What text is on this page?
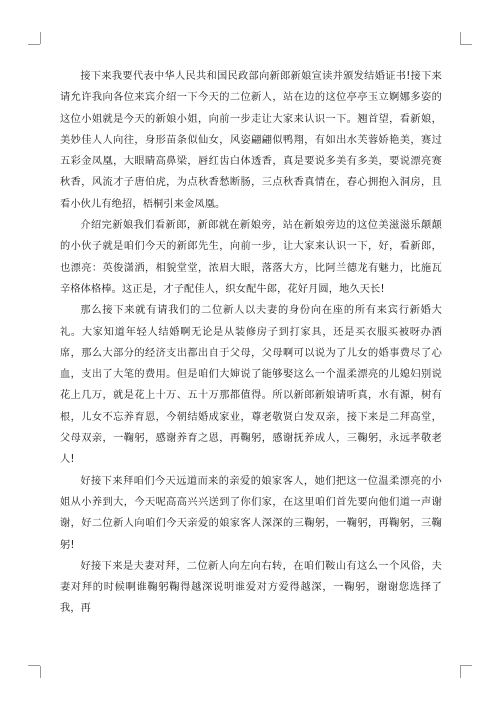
接下来我要代表中华人民共和国民政部向新郎新娘宣读并颁发结婚证书!接下来请允许我向各位来宾介绍一下今天的二位新人，站在边的这位亭亭玉立婀娜多姿的这位小姐就是今天的新娘小姐，向前一步走让大家来认识一下。翘首望，看新娘，美妙佳人人向往，身形苗条似仙女，风姿翩翩似鸭翔，有如出水芙蓉娇艳美，赛过五彩金凤凰，大眼睛高鼻梁，唇红齿白体透香，真是要说多美有多美，要说漂亮赛秋香，风流才子唐伯虎，为点秋香愁断肠，三点秋香真情在，春心拥抱入洞房，且看小伙儿有绝招，梧桐引来金凤凰。

介绍完新娘我们看新郎，新郎就在新娘旁，站在新娘旁边的这位美滋滋乐颠颠的小伙子就是咱们今天的新郎先生，向前一步，让大家来认识一下，好，看新郎，也漂亮：英俊潇洒，相貌堂堂，浓眉大眼，落落大方，比阿兰德龙有魅力，比施瓦辛格体格棒。这正是，才子配佳人，织女配牛郎，花好月圆，地久天长!

那么接下来就有请我们的二位新人以夫妻的身份向在座的所有来宾行新婚大礼。大家知道年轻人结婚啊无论是从装修房子到打家具，还是买衣服买被呀办酒席，那么大部分的经济支出都出自于父母，父母啊可以说为了儿女的婚事费尽了心血，支出了大笔的费用。但是咱们大婶说了能够娶这么一个温柔漂亮的儿媳妇别说花上几万，就是花上十万、五十万那都值得。所以新郎新娘请听真，水有源，树有根，儿女不忘养育恩，今朝结婚成家业，尊老敬贤白发双亲，接下来是二拜高堂，父母双亲，一鞠躬，感谢养育之恩，再鞠躬，感谢抚养成人，三鞠躬，永远孝敬老人!

好接下来拜咱们今天远道而来的亲爱的娘家客人，她们把这一位温柔漂亮的小姐从小养到大，今天呢高高兴兴送到了你们家，在这里咱们首先要向他们道一声谢谢，好二位新人向咱们今天亲爱的娘家客人深深的三鞠躬，一鞠躬，再鞠躬，三鞠躬!

好接下来是夫妻对拜，二位新人向左向右转，在咱们鞍山有这么一个风俗，夫妻对拜的时候啊谁鞠躬鞠得越深说明谁爱对方爱得越深，一鞠躬，谢谢您选择了我，再
